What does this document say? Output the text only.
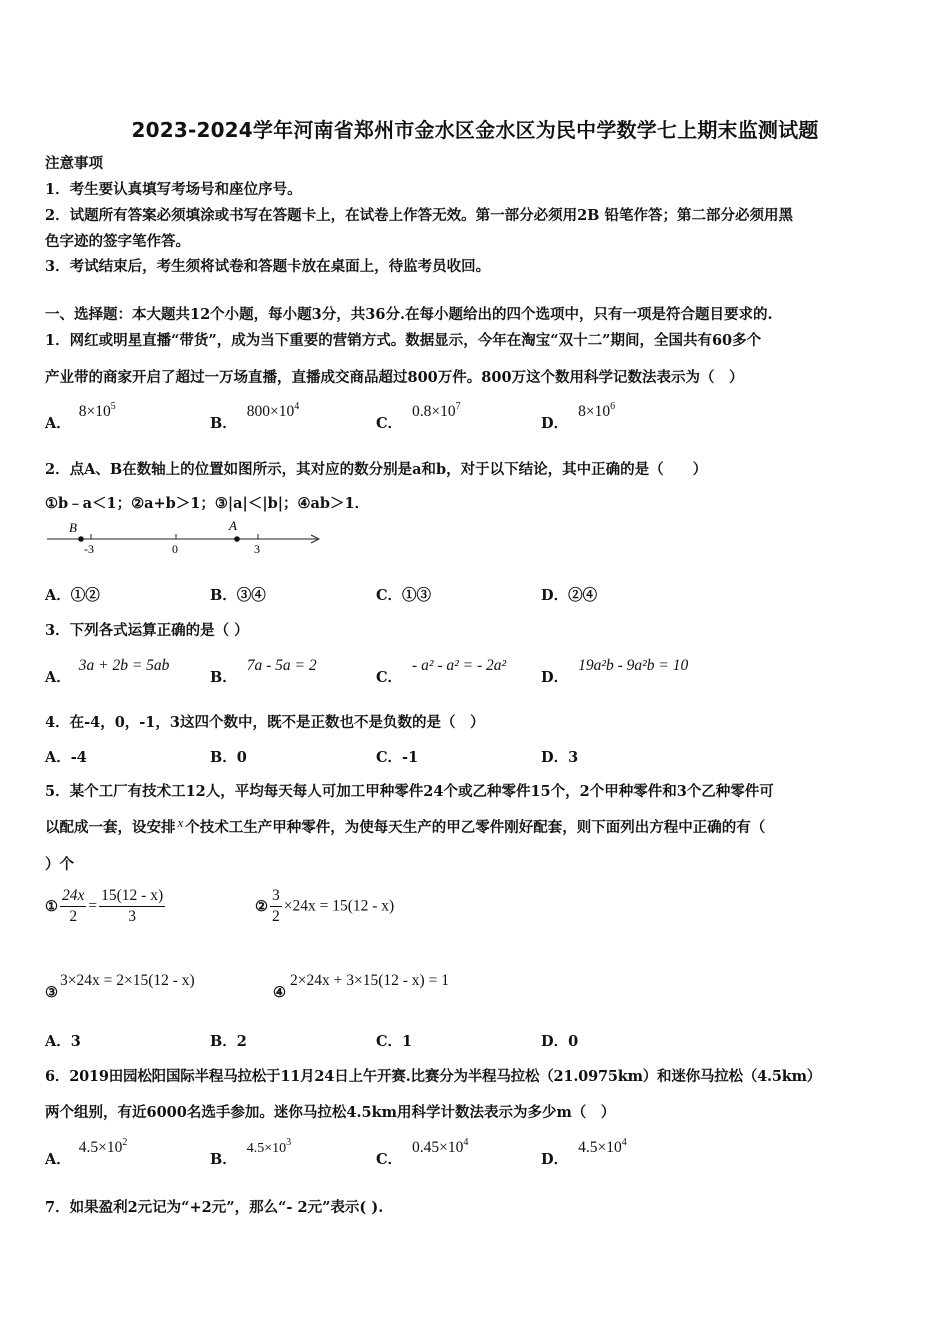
2023-2024学年河南省郑州市金水区金水区为民中学数学七上期末监测试题
注意事项
1．考生要认真填写考场号和座位序号。
2．试题所有答案必须填涂或书写在答题卡上，在试卷上作答无效。第一部分必须用2B 铅笔作答；第二部分必须用黑
色字迹的签字笔作答。
3．考试结束后，考生须将试卷和答题卡放在桌面上，待监考员收回。
一、选择题：本大题共12个小题，每小题3分，共36分.在每小题给出的四个选项中，只有一项是符合题目要求的.
1．网红或明星直播“带货”，成为当下重要的营销方式。数据显示，今年在淘宝“双十二”期间，全国共有60多个
产业带的商家开启了超过一万场直播，直播成交商品超过800万件。800万这个数用科学记数法表示为（　）
A．$8\times 10^5$
B．$800\times 10^4$
C．$0.8\times 10^7$
D．$8\times 10^6$
2．点A、B在数轴上的位置如图所示，其对应的数分别是a和b，对于以下结论，其中正确的是（　　）
①b﹣a＜1；②a+b＞1；③|a|＜|b|；④ab＞1．
B	A
-3	0	3
A．①②	B．③④	C．①③	D．②④
3．下列各式运算正确的是（ ）
A．3a + 2b = 5ab
B．7a - 5a = 2
C．- a² - a² = - 2a²
D．19a²b - 9a²b = 10
4．在-4，0，-1，3这四个数中，既不是正数也不是负数的是（　）
A．-4	B．0	C．-1	D．3
5．某个工厂有技术工12人，平均每天每人可加工甲种零件24个或乙种零件15个，2个甲种零件和3个乙种零件可
以配成一套，设安排 x 个技术工生产甲种零件，为使每天生产的甲乙零件刚好配套，则下面列出方程中正确的有（
）个
① $\frac{24x}{2} = \frac{15(12 - x)}{3}$	② $\frac{3}{2} \times 24x = 15(12 - x)$
③3×24x = 2×15(12 - x)
④2×24x + 3×15(12 - x) = 1
A．3	B．2	C．1	D．0
6．2019田园松阳国际半程马拉松于11月24日上午开赛.比赛分为半程马拉松（21.0975km）和迷你马拉松（4.5km）
两个组别，有近6000名选手参加。迷你马拉松4.5km用科学计数法表示为多少m（　）
A．$4.5\times 10^2$
B．$4.5\times 10^3$
C．$0.45\times 10^4$
D．$4.5\times 10^4$
7．如果盈利2元记为“+2元”，那么“- 2元”表示( ).
